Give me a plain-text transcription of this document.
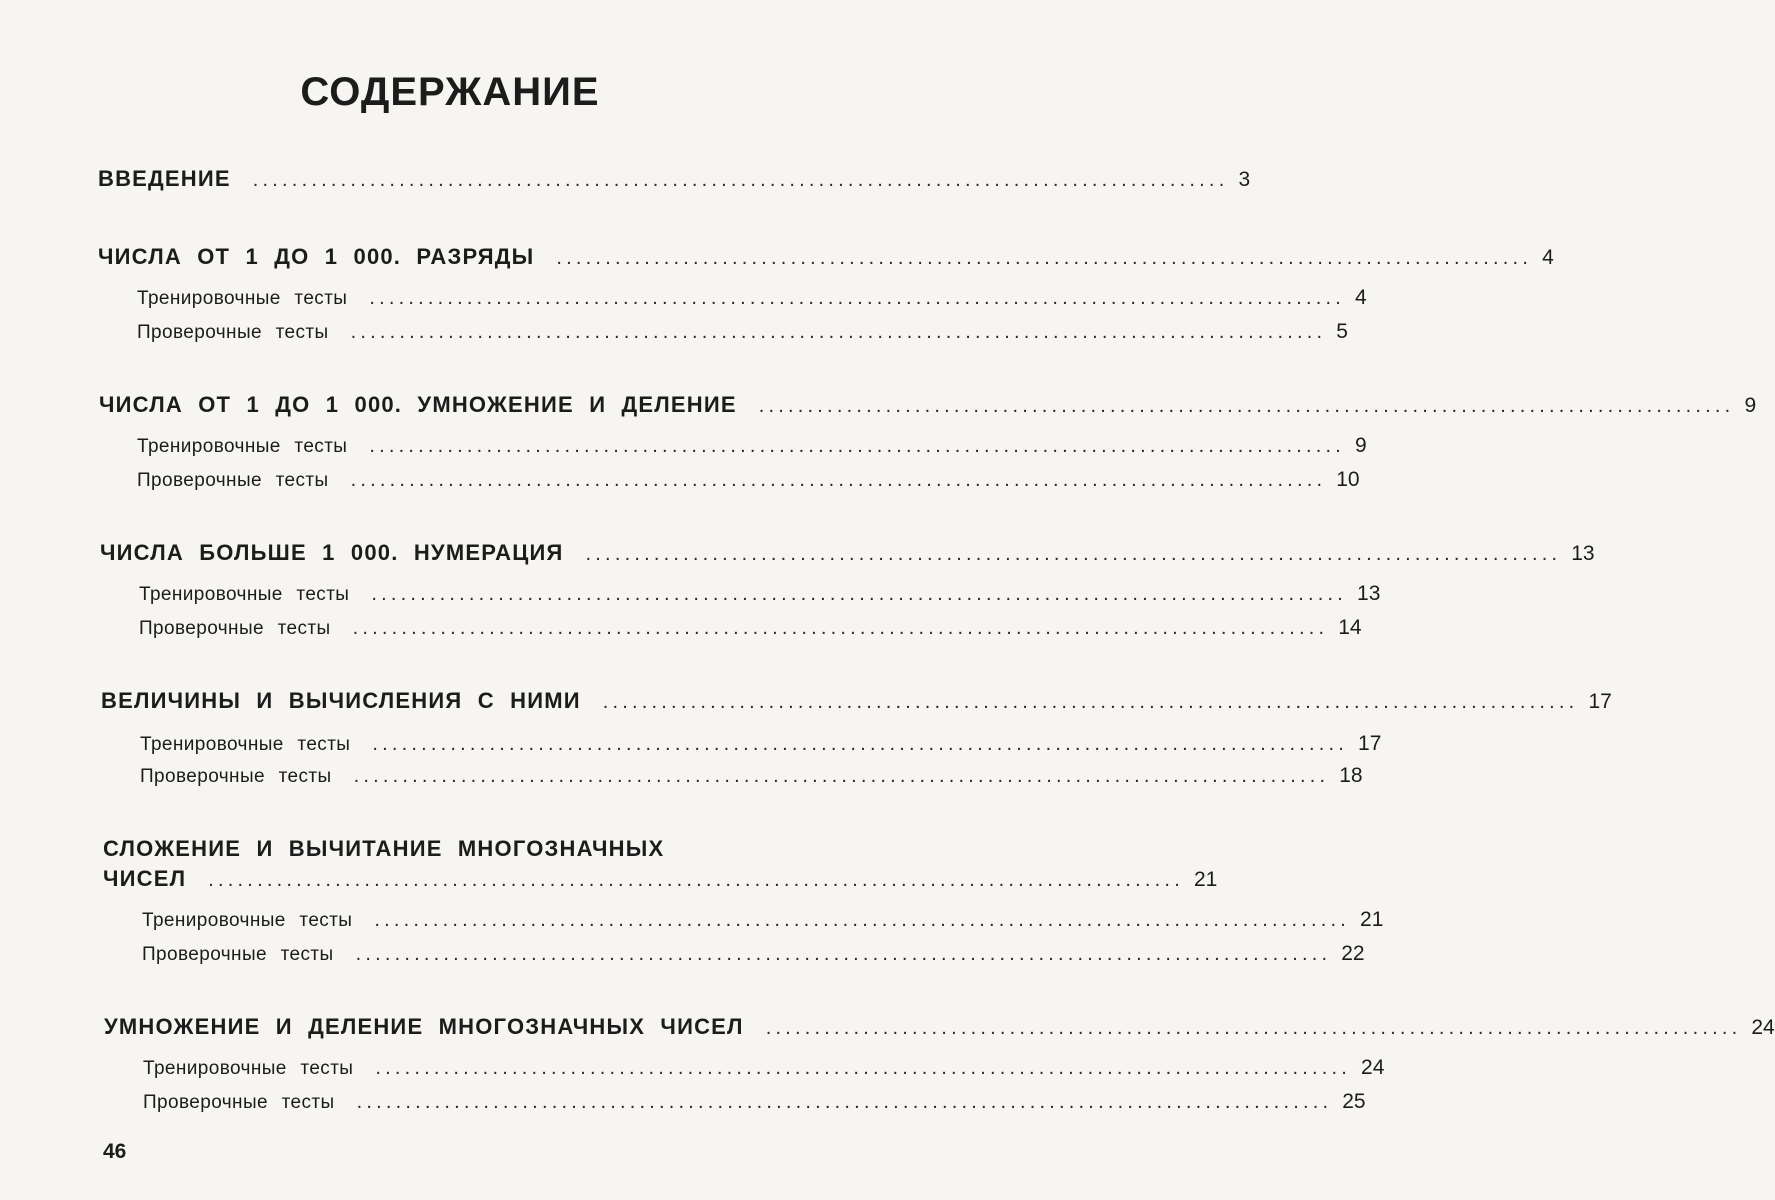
СОДЕРЖАНИЕ
ВВЕДЕНИЕ .................................................................................................... 3
ЧИСЛА ОТ 1 ДО 1 000. РАЗРЯДЫ .................................................................................................... 4
Тренировочные тесты .................................................................................................... 4
Проверочные тесты .................................................................................................... 5
ЧИСЛА ОТ 1 ДО 1 000. УМНОЖЕНИЕ И ДЕЛЕНИЕ .................................................................................................... 9
Тренировочные тесты .................................................................................................... 9
Проверочные тесты .................................................................................................... 10
ЧИСЛА БОЛЬШЕ 1 000. НУМЕРАЦИЯ .................................................................................................... 13
Тренировочные тесты .................................................................................................... 13
Проверочные тесты .................................................................................................... 14
ВЕЛИЧИНЫ И ВЫЧИСЛЕНИЯ С НИМИ .................................................................................................... 17
Тренировочные тесты .................................................................................................... 17
Проверочные тесты .................................................................................................... 18
СЛОЖЕНИЕ И ВЫЧИТАНИЕ МНОГОЗНАЧНЫХ
ЧИСЕЛ .................................................................................................... 21
Тренировочные тесты .................................................................................................... 21
Проверочные тесты .................................................................................................... 22
УМНОЖЕНИЕ И ДЕЛЕНИЕ МНОГОЗНАЧНЫХ ЧИСЕЛ .................................................................................................... 24
Тренировочные тесты .................................................................................................... 24
Проверочные тесты .................................................................................................... 25
46
